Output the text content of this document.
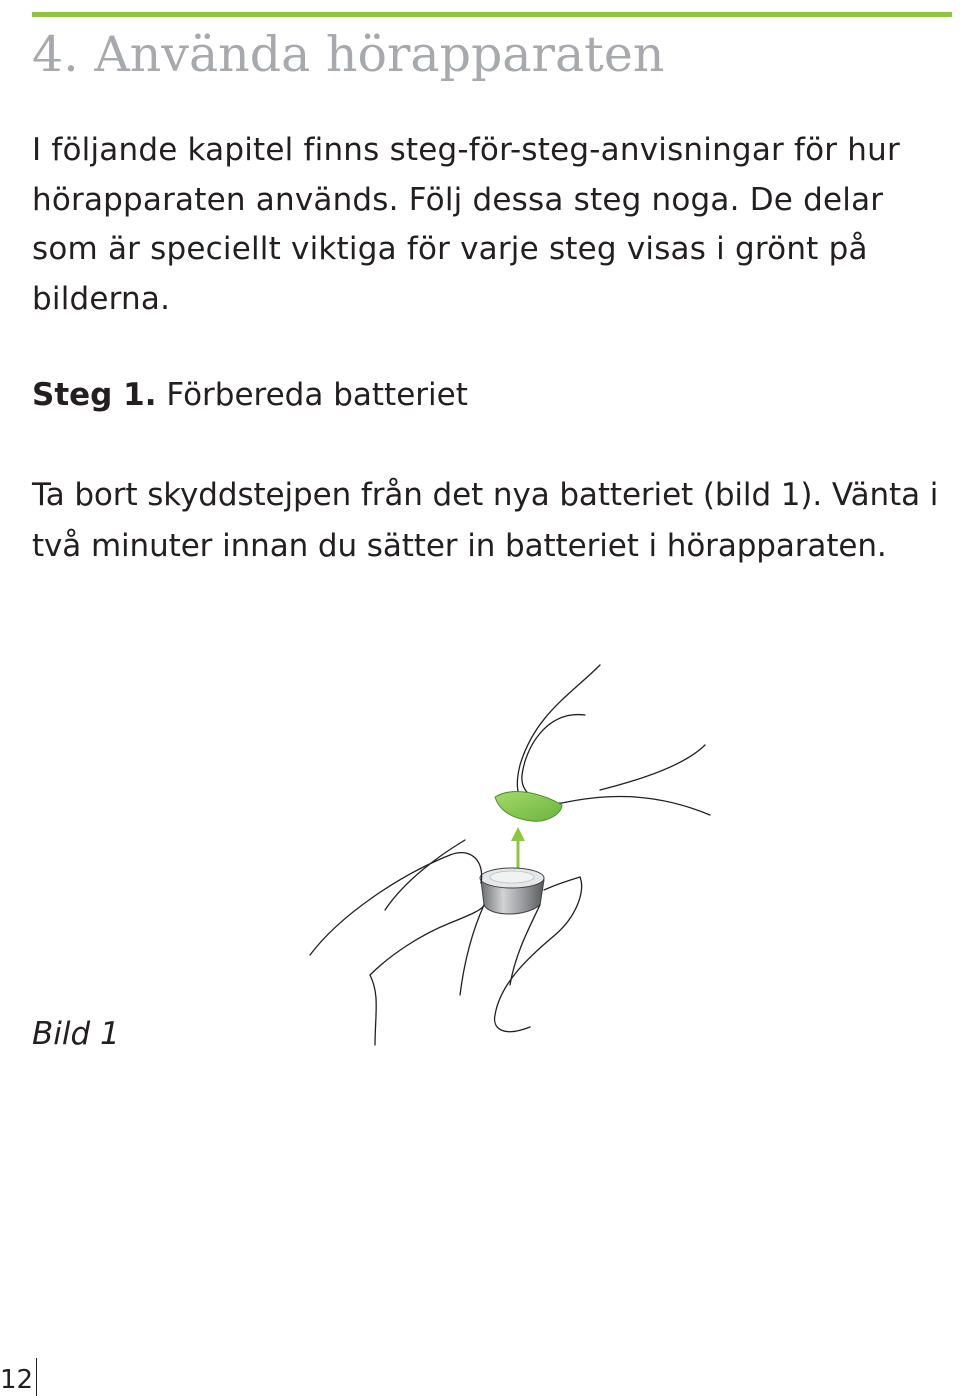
4. Använda hörapparaten

I följande kapitel finns steg-för-steg-anvisningar för hur hörapparaten används. Följ dessa steg noga. De delar som är speciellt viktiga för varje steg visas i grönt på bilderna.

Steg 1. Förbereda batteriet

Ta bort skyddstejpen från det nya batteriet (bild 1). Vänta i två minuter innan du sätter in batteriet i hörapparaten.

Bild 1

12
